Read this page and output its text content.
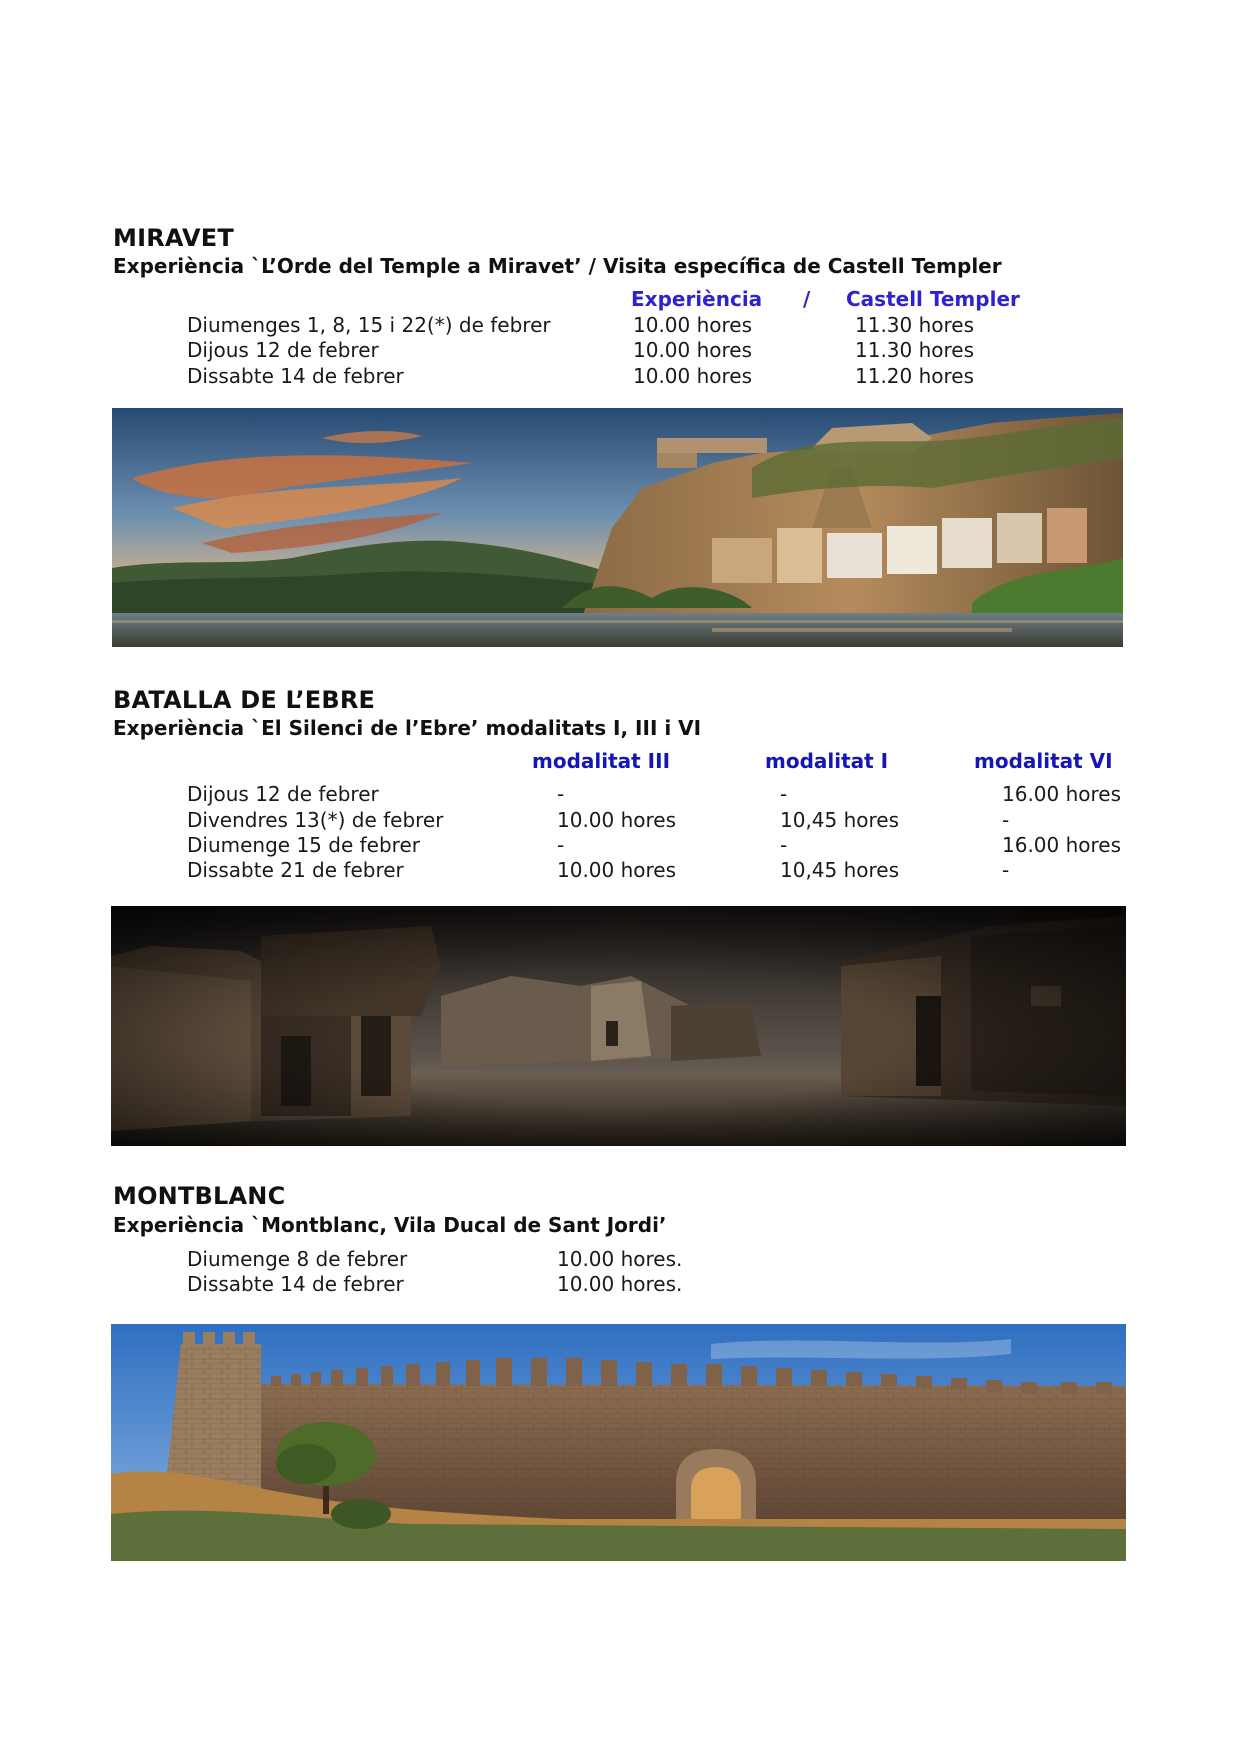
MIRAVET
Experiència `L’Orde del Temple a Miravet’ / Visita específica de Castell Templer
Experiència / Castell Templer
Diumenges 1, 8, 15 i 22(*) de febrer	10.00 hores	11.30 hores
Dijous 12 de febrer	10.00 hores	11.30 hores
Dissabte 14 de febrer	10.00 hores	11.20 hores
BATALLA DE L’EBRE
Experiència `El Silenci de l’Ebre’ modalitats I, III i VI
modalitat III	modalitat I	modalitat VI
Dijous 12 de febrer	-	-	16.00 hores
Divendres 13(*) de febrer	10.00 hores	10,45 hores	-
Diumenge 15 de febrer	-	-	16.00 hores
Dissabte 21 de febrer	10.00 hores	10,45 hores	-
MONTBLANC
Experiència `Montblanc, Vila Ducal de Sant Jordi’
Diumenge 8 de febrer	10.00 hores.
Dissabte 14 de febrer	10.00 hores.
